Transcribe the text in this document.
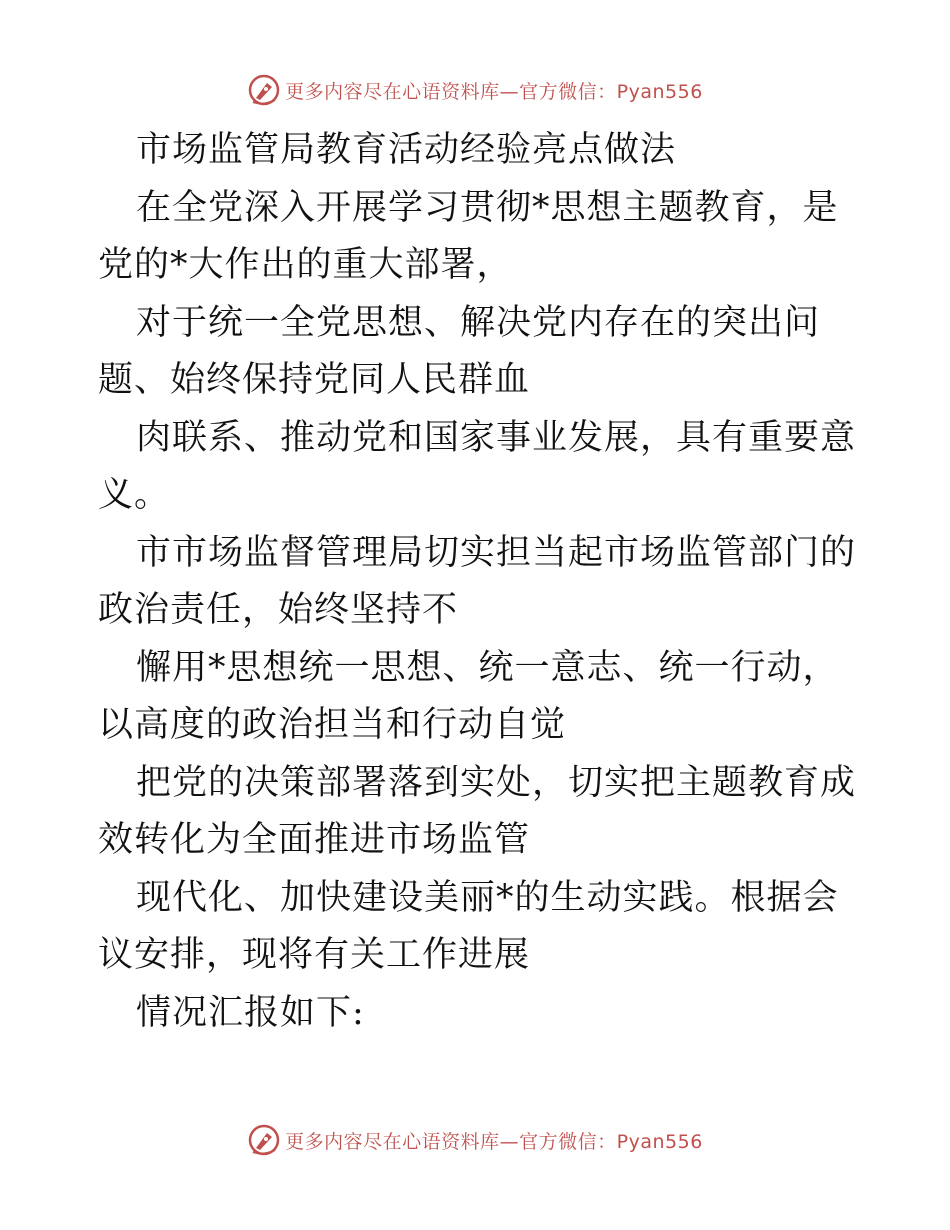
更多内容尽在心语资料库—官方微信：Pyan556

市场监管局教育活动经验亮点做法

在全党深入开展学习贯彻*思想主题教育，是党的*大作出的重大部署，

对于统一全党思想、解决党内存在的突出问题、始终保持党同人民群血

肉联系、推动党和国家事业发展，具有重要意义。

市市场监督管理局切实担当起市场监管部门的政治责任，始终坚持不

懈用*思想统一思想、统一意志、统一行动，以高度的政治担当和行动自觉

把党的决策部署落到实处，切实把主题教育成效转化为全面推进市场监管

现代化、加快建设美丽*的生动实践。根据会议安排，现将有关工作进展

情况汇报如下:

更多内容尽在心语资料库—官方微信：Pyan556
